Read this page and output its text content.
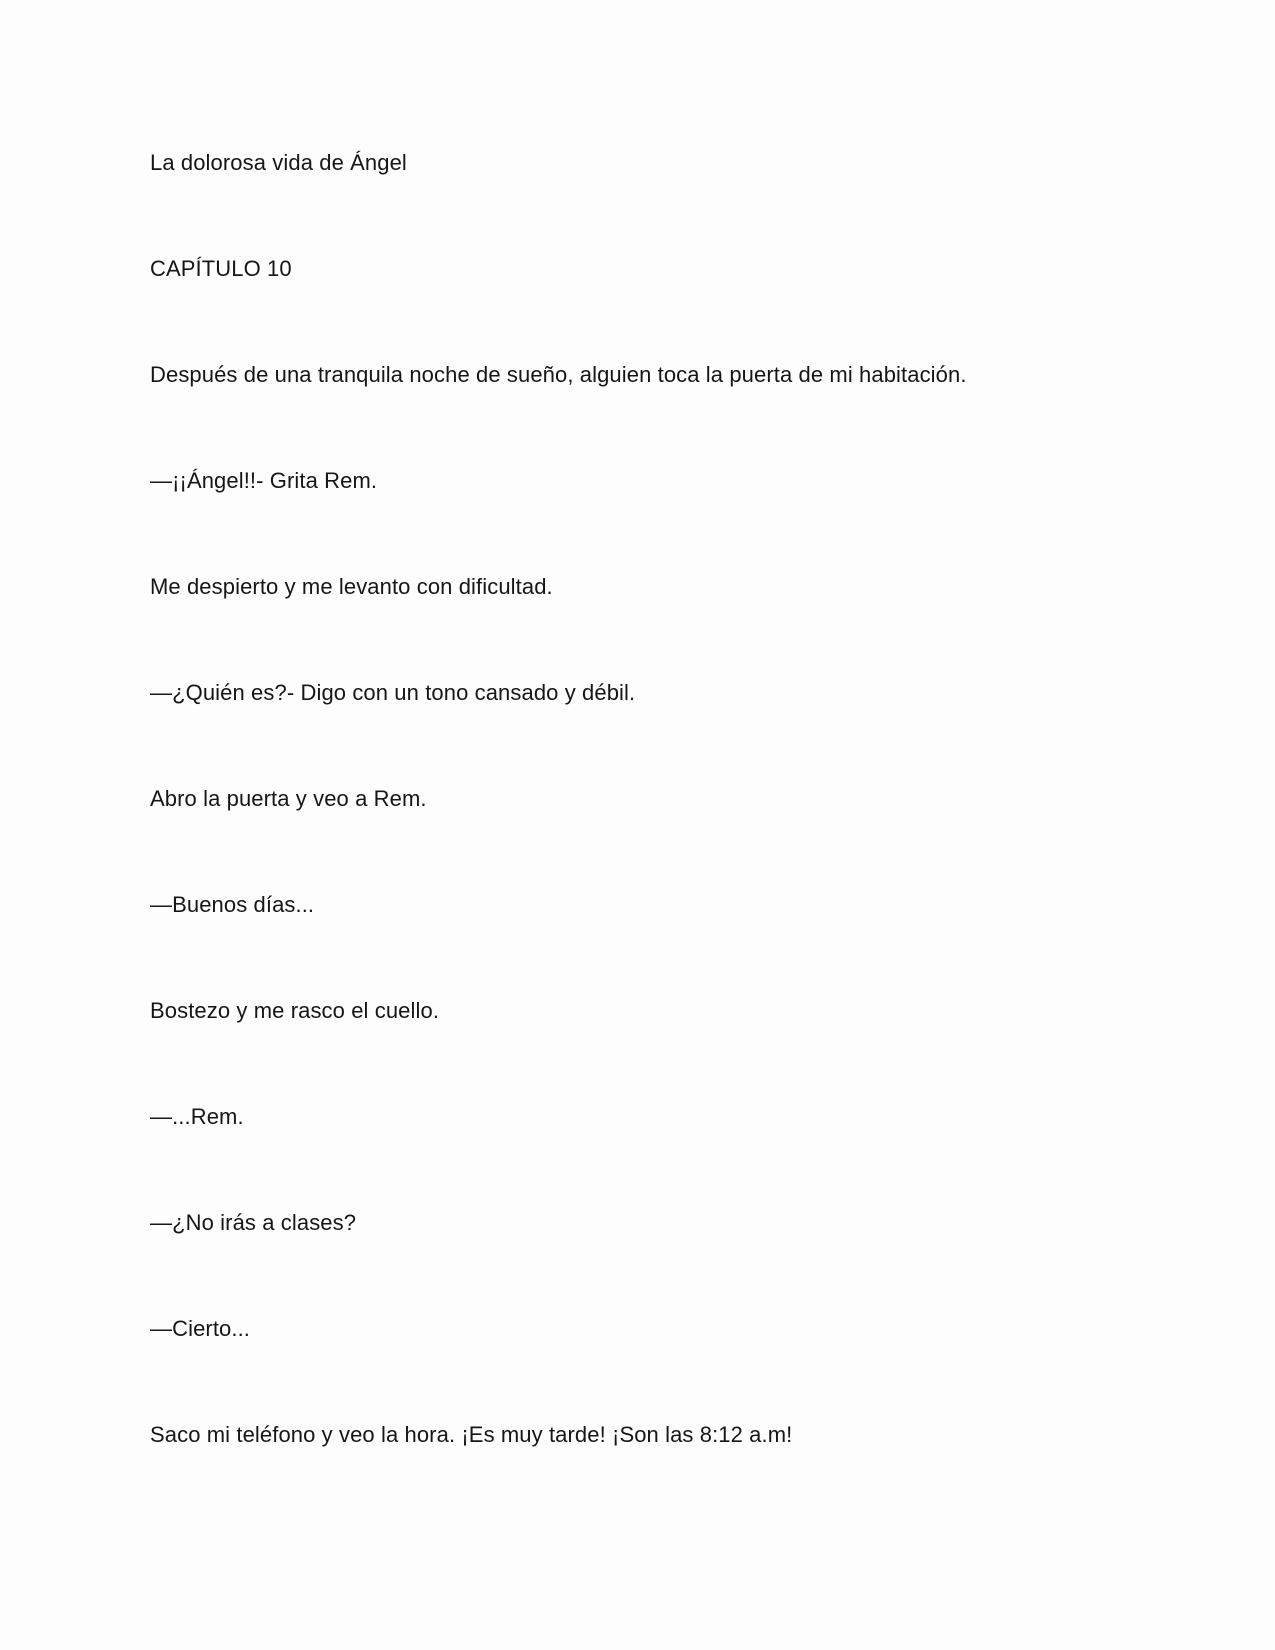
La dolorosa vida de Ángel

CAPÍTULO 10

Después de una tranquila noche de sueño, alguien toca la puerta de mi habitación.

—¡¡Ángel!!- Grita Rem.

Me despierto y me levanto con dificultad.

—¿Quién es?- Digo con un tono cansado y débil.

Abro la puerta y veo a Rem.

—Buenos días...

Bostezo y me rasco el cuello.

—...Rem.

—¿No irás a clases?

—Cierto...

Saco mi teléfono y veo la hora. ¡Es muy tarde! ¡Son las 8:12 a.m!
